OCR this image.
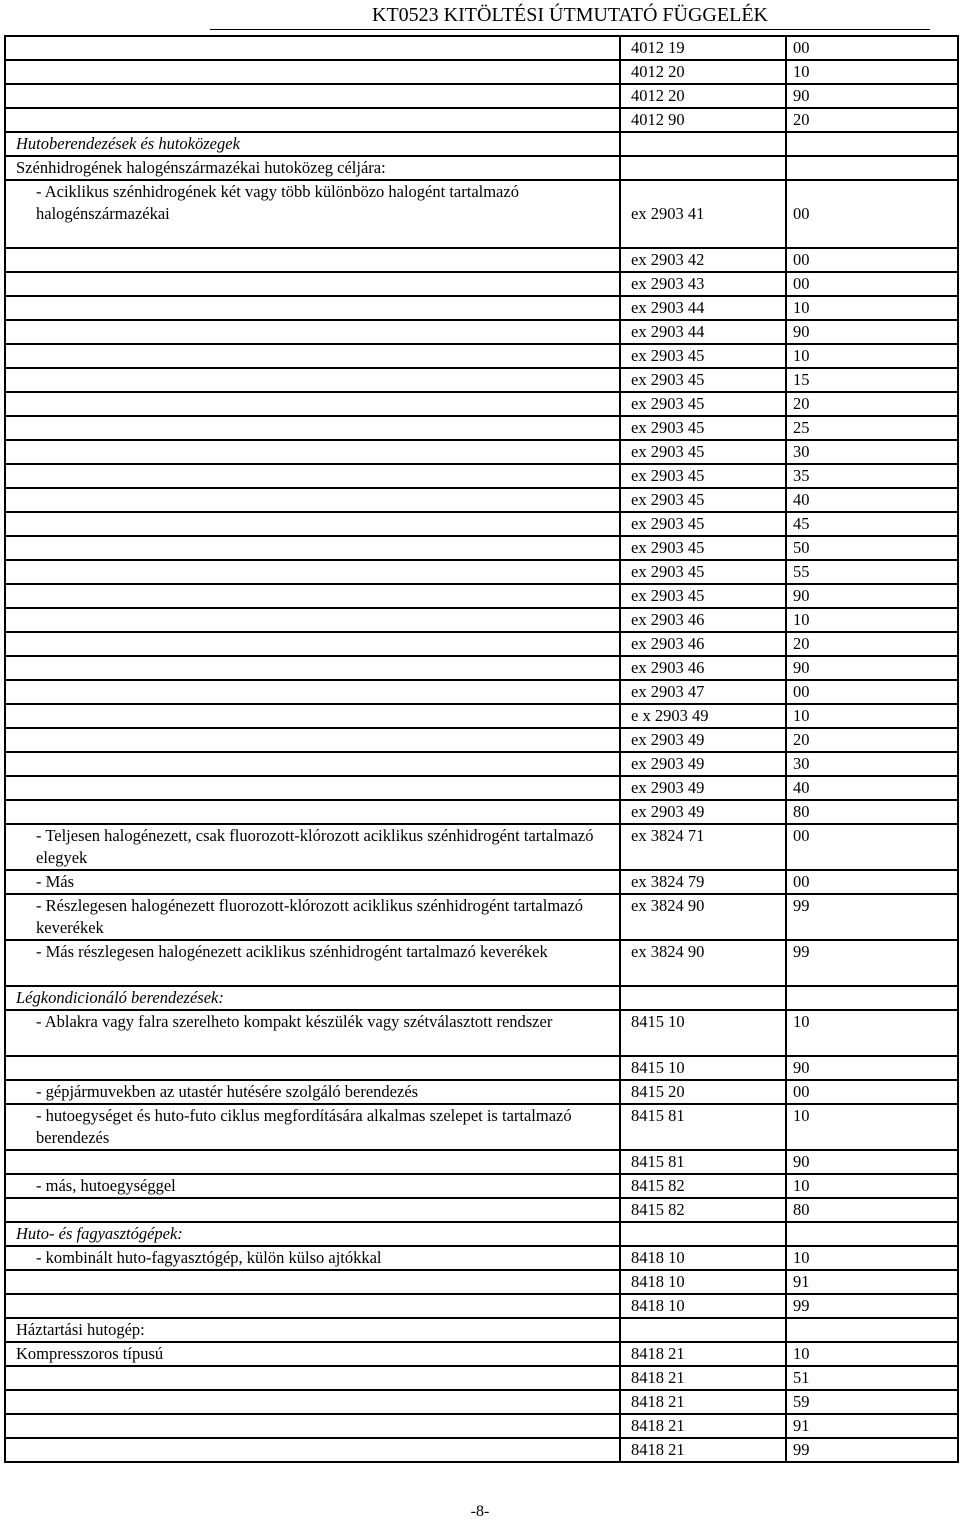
KT0523 KITÖLTÉSI ÚTMUTATÓ FÜGGELÉK
	4012 19	00
	4012 20	10
	4012 20	90
	4012 90	20
Hutoberendezések és hutoközegek		
Szénhidrogének halogénszármazékai hutoközeg céljára:		
- Aciklikus szénhidrogének két vagy több különbözo halogént tartalmazó halogénszármazékai	ex 2903 41	00
	ex 2903 42	00
	ex 2903 43	00
	ex 2903 44	10
	ex 2903 44	90
	ex 2903 45	10
	ex 2903 45	15
	ex 2903 45	20
	ex 2903 45	25
	ex 2903 45	30
	ex 2903 45	35
	ex 2903 45	40
	ex 2903 45	45
	ex 2903 45	50
	ex 2903 45	55
	ex 2903 45	90
	ex 2903 46	10
	ex 2903 46	20
	ex 2903 46	90
	ex 2903 47	00
	e x 2903 49	10
	ex 2903 49	20
	ex 2903 49	30
	ex 2903 49	40
	ex 2903 49	80
- Teljesen halogénezett, csak fluorozott-klórozott aciklikus szénhidrogént tartalmazó elegyek	ex 3824 71	00
- Más	ex 3824 79	00
- Részlegesen halogénezett fluorozott-klórozott aciklikus szénhidrogént tartalmazó keverékek	ex 3824 90	99
- Más részlegesen halogénezett aciklikus szénhidrogént tartalmazó keverékek	ex 3824 90	99
Légkondicionáló berendezések:		
- Ablakra vagy falra szerelheto kompakt készülék vagy szétválasztott rendszer	8415 10	10
	8415 10	90
- gépjármuvekben az utastér hutésére szolgáló berendezés	8415 20	00
- hutoegységet és huto-futo ciklus megfordítására alkalmas szelepet is tartalmazó berendezés	8415 81	10
	8415 81	90
- más, hutoegységgel	8415 82	10
	8415 82	80
Huto- és fagyasztógépek:		
- kombinált huto-fagyasztógép, külön külso ajtókkal	8418 10	10
	8418 10	91
	8418 10	99
Háztartási hutogép:		
Kompresszoros típusú	8418 21	10
	8418 21	51
	8418 21	59
	8418 21	91
	8418 21	99
-8-
